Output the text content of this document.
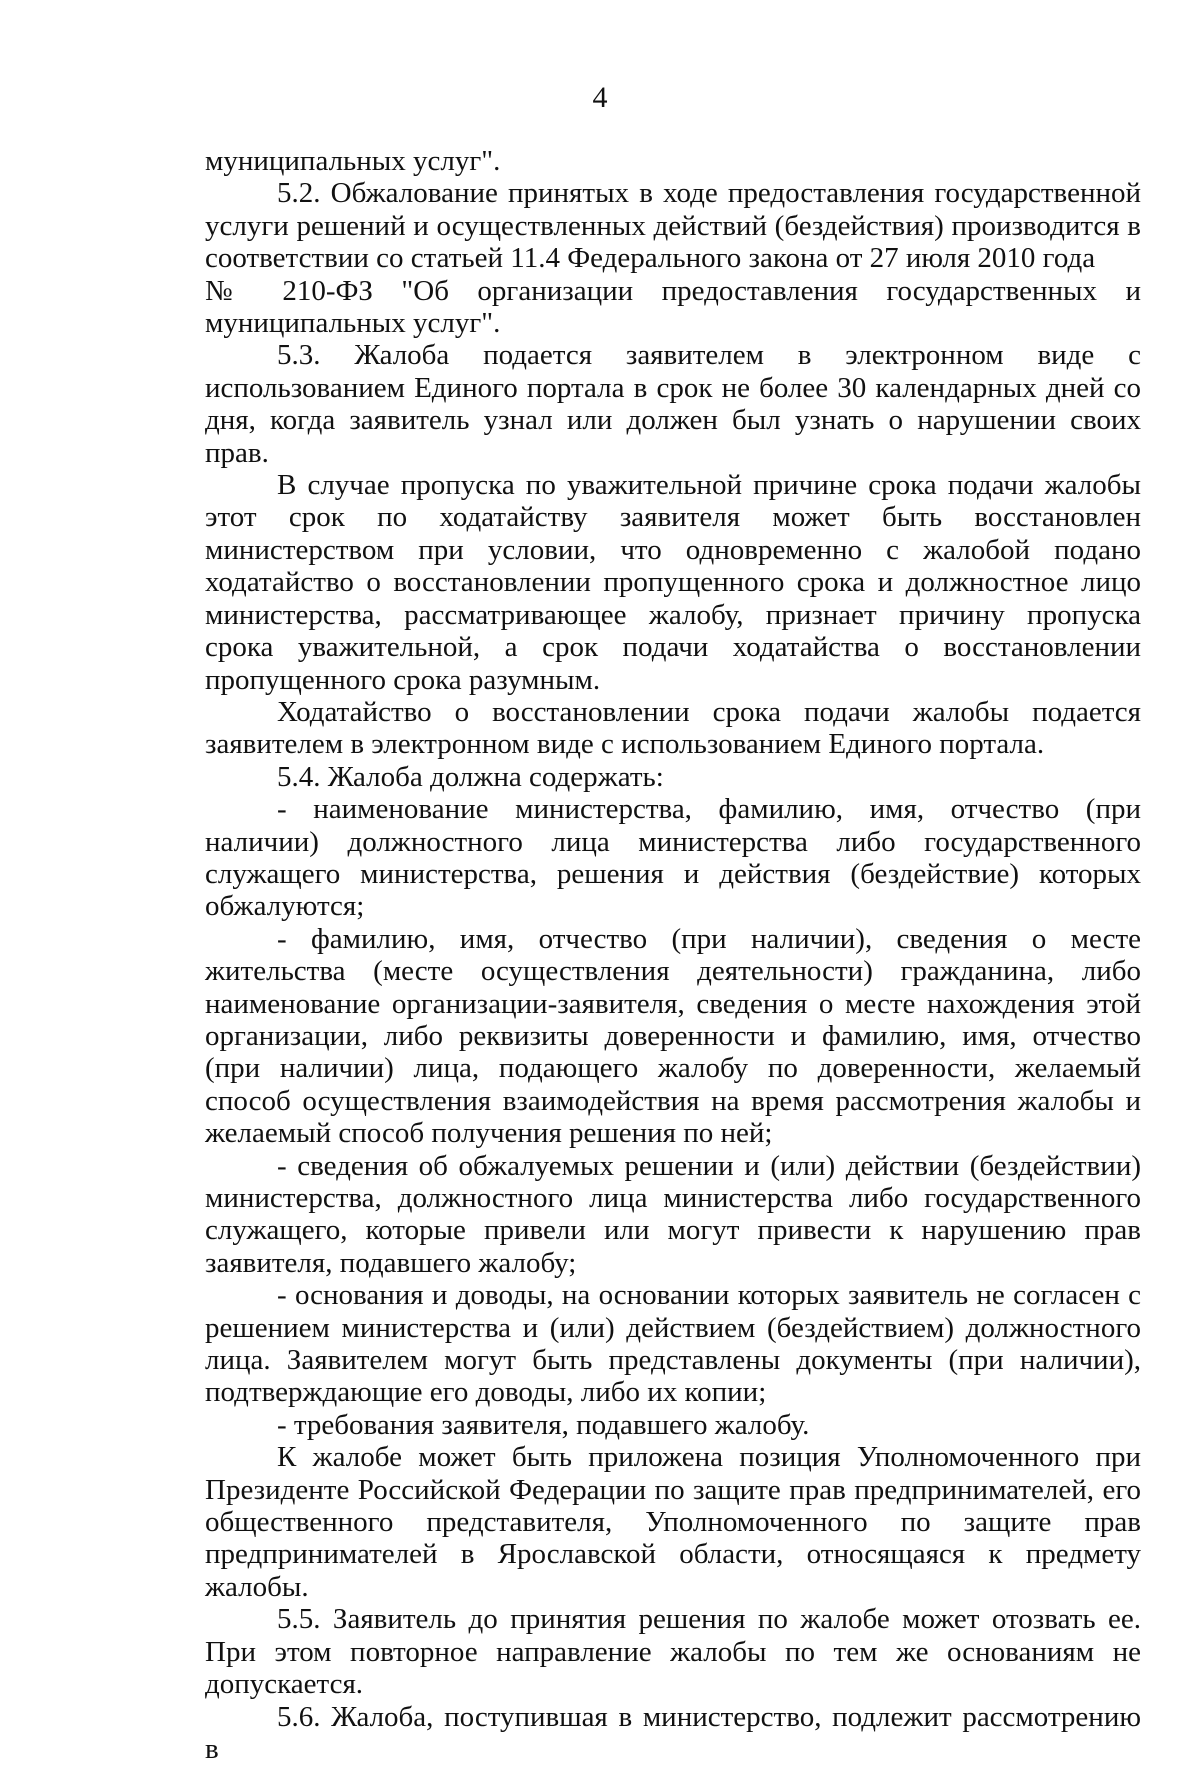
4

муниципальных услуг".

5.2. Обжалование принятых в ходе предоставления государственной услуги решений и осуществленных действий (бездействия) производится в соответствии со статьей 11.4 Федерального закона от 27 июля 2010 года

№ 210-ФЗ "Об организации предоставления государственных и

муниципальных услуг".

5.3. Жалоба подается заявителем в электронном виде с использованием Единого портала в срок не более 30 календарных дней со дня, когда заявитель узнал или должен был узнать о нарушении своих прав.

В случае пропуска по уважительной причине срока подачи жалобы этот срок по ходатайству заявителя может быть восстановлен министерством при условии, что одновременно с жалобой подано ходатайство о восстановлении пропущенного срока и должностное лицо министерства, рассматривающее жалобу, признает причину пропуска срока уважительной, а срок подачи ходатайства о восстановлении пропущенного срока разумным.

Ходатайство о восстановлении срока подачи жалобы подается заявителем в электронном виде с использованием Единого портала.

5.4. Жалоба должна содержать:

- наименование министерства, фамилию, имя, отчество (при наличии) должностного лица министерства либо государственного служащего министерства, решения и действия (бездействие) которых обжалуются;

- фамилию, имя, отчество (при наличии), сведения о месте жительства (месте осуществления деятельности) гражданина, либо наименование организации-заявителя, сведения о месте нахождения этой организации, либо реквизиты доверенности и фамилию, имя, отчество (при наличии) лица, подающего жалобу по доверенности, желаемый способ осуществления взаимодействия на время рассмотрения жалобы и желаемый способ получения решения по ней;

- сведения об обжалуемых решении и (или) действии (бездействии) министерства, должностного лица министерства либо государственного служащего, которые привели или могут привести к нарушению прав заявителя, подавшего жалобу;

- основания и доводы, на основании которых заявитель не согласен с решением министерства и (или) действием (бездействием) должностного лица. Заявителем могут быть представлены документы (при наличии), подтверждающие его доводы, либо их копии;

- требования заявителя, подавшего жалобу.

К жалобе может быть приложена позиция Уполномоченного при Президенте Российской Федерации по защите прав предпринимателей, его общественного представителя, Уполномоченного по защите прав предпринимателей в Ярославской области, относящаяся к предмету жалобы.

5.5. Заявитель до принятия решения по жалобе может отозвать ее. При этом повторное направление жалобы по тем же основаниям не допускается.

5.6. Жалоба, поступившая в министерство, подлежит рассмотрению в
